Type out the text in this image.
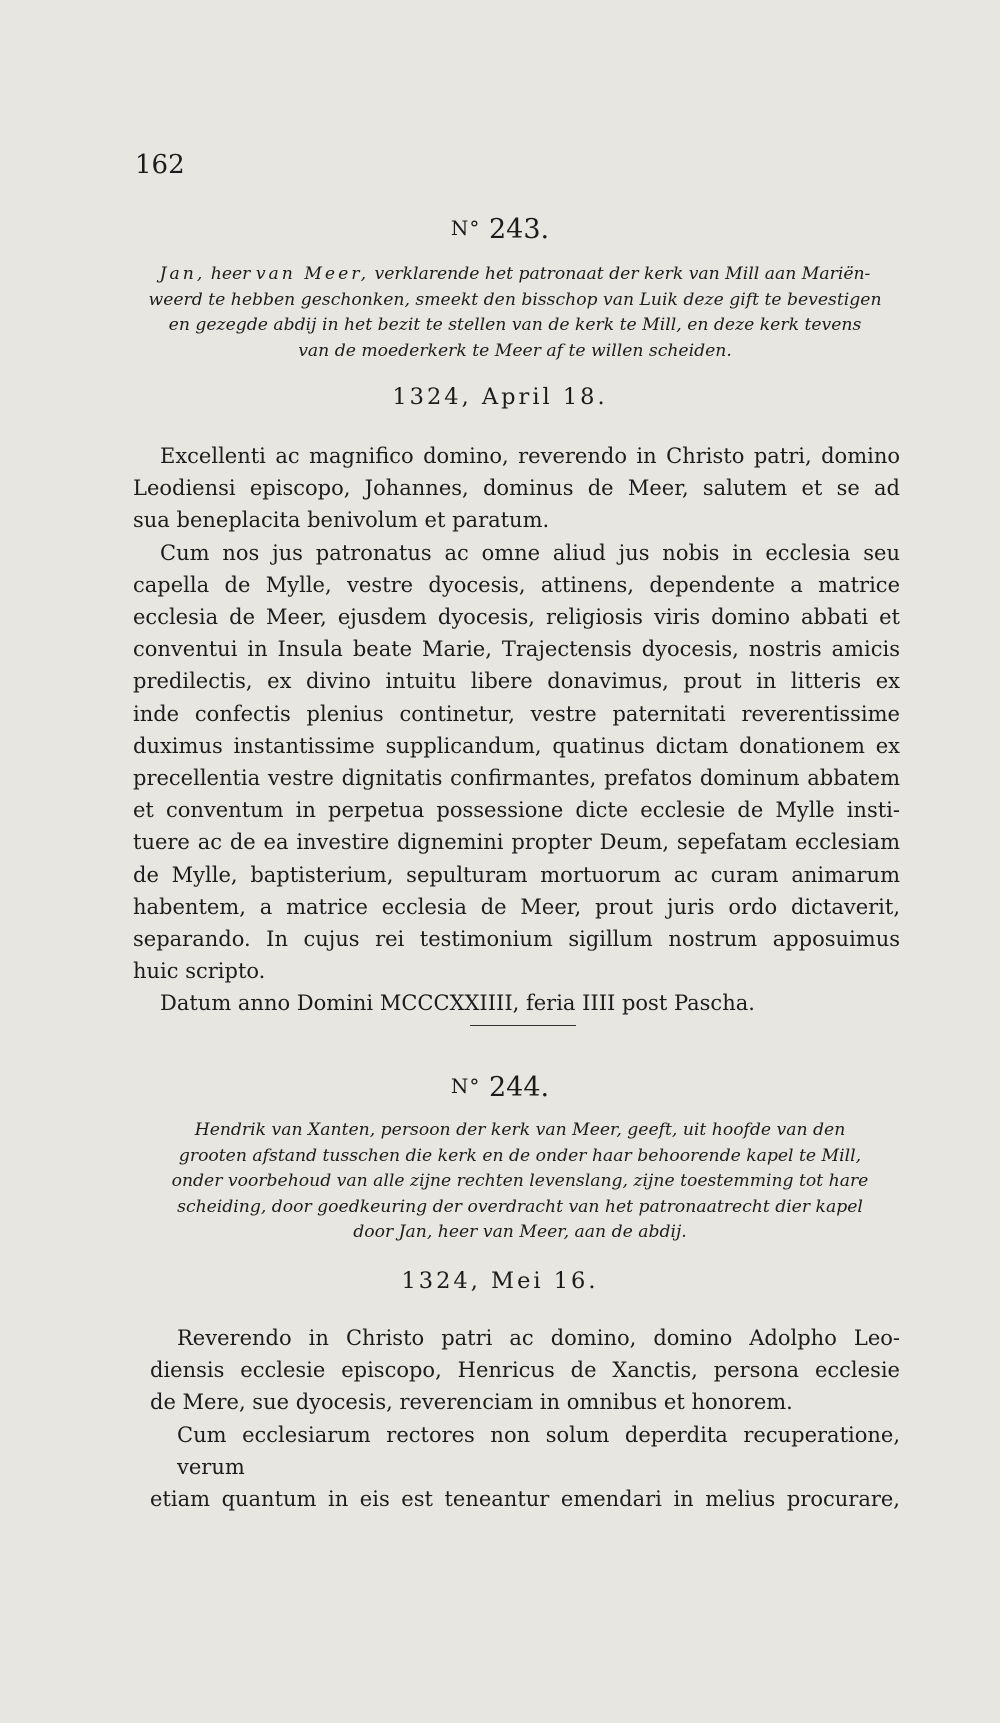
162
N° 243.
Jan, heer van Meer, verklarende het patronaat der kerk van Mill aan Mariën-
weerd te hebben geschonken, smeekt den bisschop van Luik deze gift te bevestigen
en gezegde abdij in het bezit te stellen van de kerk te Mill, en deze kerk tevens
van de moederkerk te Meer af te willen scheiden.
1324, April 18.
Excellenti ac magnifico domino, reverendo in Christo patri, domino
Leodiensi episcopo, Johannes, dominus de Meer, salutem et se ad
sua beneplacita benivolum et paratum.
Cum nos jus patronatus ac omne aliud jus nobis in ecclesia seu
capella de Mylle, vestre dyocesis, attinens, dependente a matrice
ecclesia de Meer, ejusdem dyocesis, religiosis viris domino abbati et
conventui in Insula beate Marie, Trajectensis dyocesis, nostris amicis
predilectis, ex divino intuitu libere donavimus, prout in litteris ex
inde confectis plenius continetur, vestre paternitati reverentissime
duximus instantissime supplicandum, quatinus dictam donationem ex
precellentia vestre dignitatis confirmantes, prefatos dominum abbatem
et conventum in perpetua possessione dicte ecclesie de Mylle insti-
tuere ac de ea investire dignemini propter Deum, sepefatam ecclesiam
de Mylle, baptisterium, sepulturam mortuorum ac curam animarum
habentem, a matrice ecclesia de Meer, prout juris ordo dictaverit,
separando. In cujus rei testimonium sigillum nostrum apposuimus
huic scripto.
Datum anno Domini MCCCXXIIII, feria IIII post Pascha.
N° 244.
Hendrik van Xanten, persoon der kerk van Meer, geeft, uit hoofde van den
grooten afstand tusschen die kerk en de onder haar behoorende kapel te Mill,
onder voorbehoud van alle zijne rechten levenslang, zijne toestemming tot hare
scheiding, door goedkeuring der overdracht van het patronaatrecht dier kapel
door Jan, heer van Meer, aan de abdij.
1324, Mei 16.
Reverendo in Christo patri ac domino, domino Adolpho Leo-
diensis ecclesie episcopo, Henricus de Xanctis, persona ecclesie
de Mere, sue dyocesis, reverenciam in omnibus et honorem.
Cum ecclesiarum rectores non solum deperdita recuperatione, verum
etiam quantum in eis est teneantur emendari in melius procurare,
